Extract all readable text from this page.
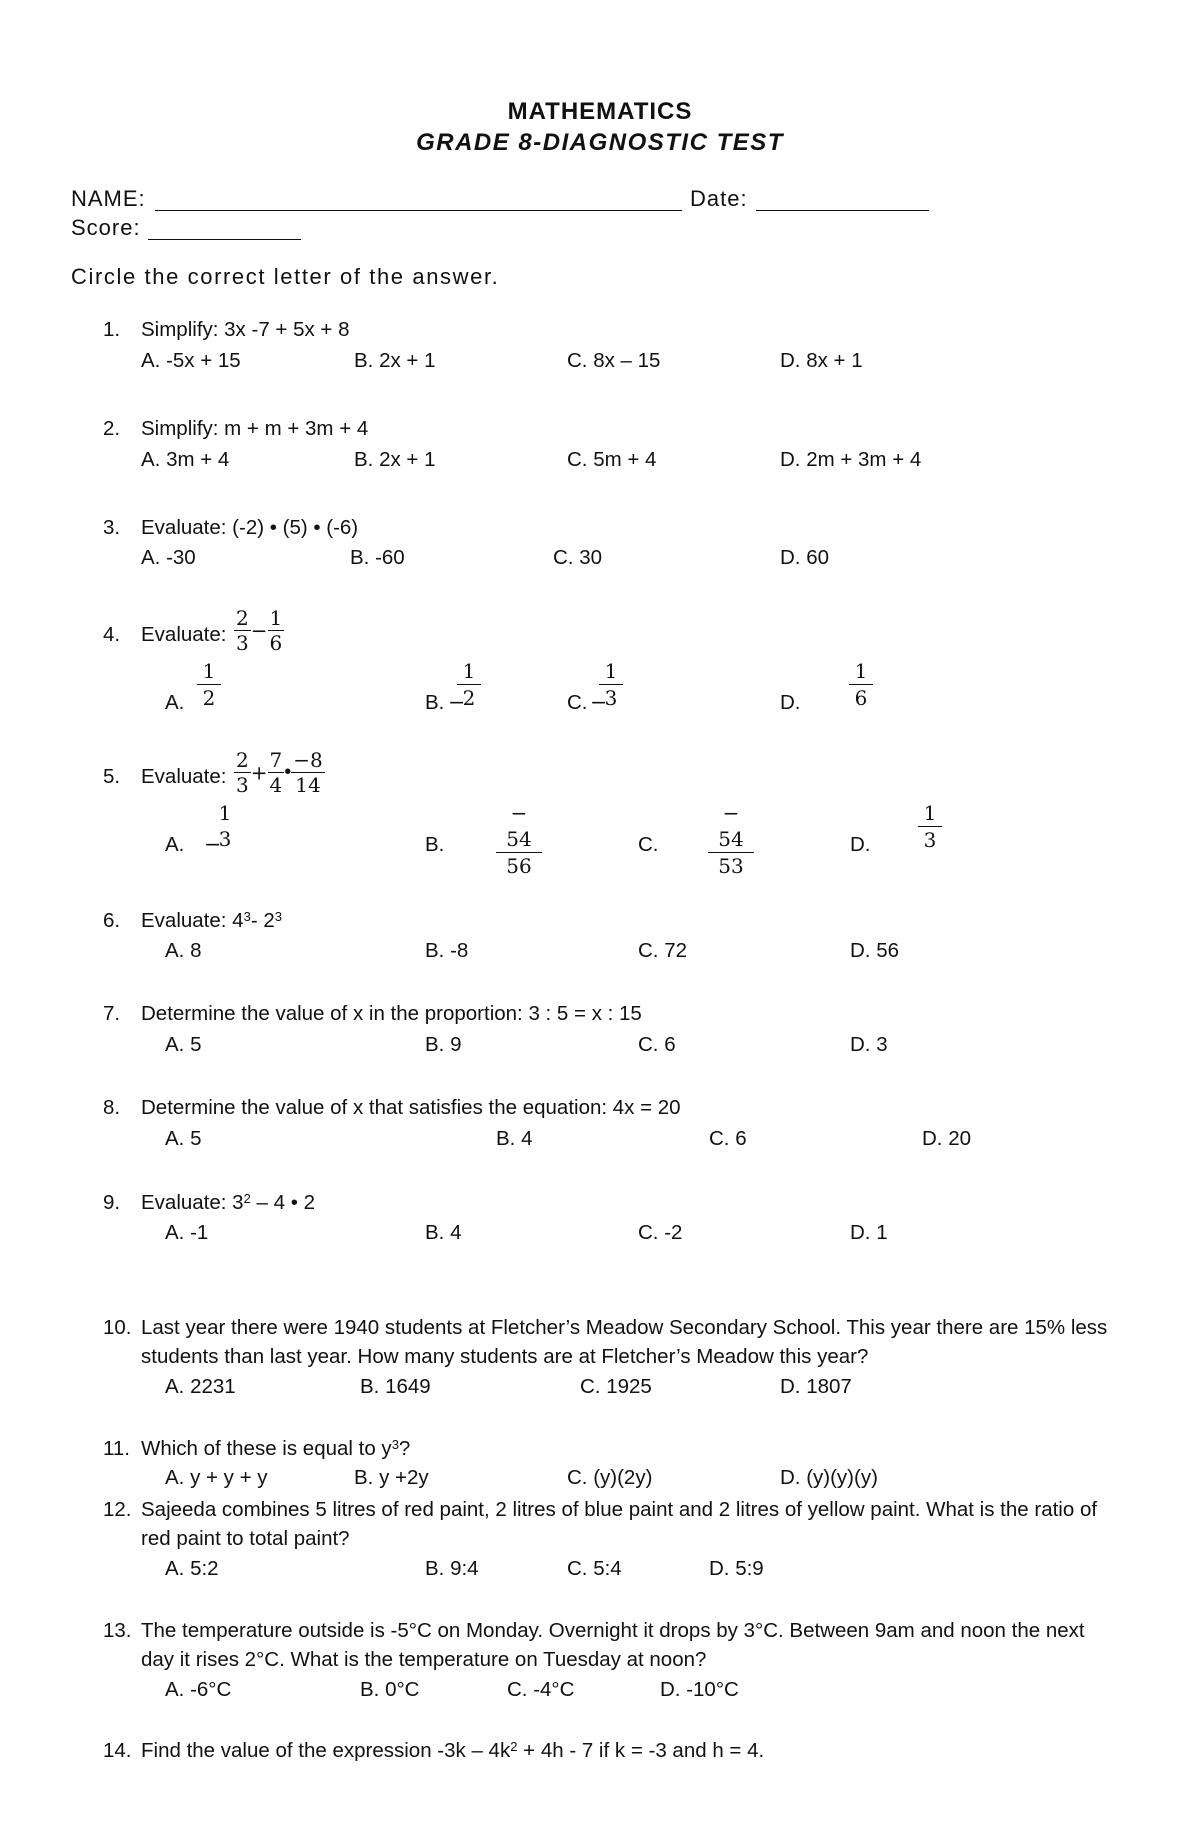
MATHEMATICS
GRADE 8-DIAGNOSTIC TEST
NAME:	Date:
Score:
Circle the correct letter of the answer.
1. Simplify: 3x -7 + 5x + 8
A. -5x + 15	B. 2x + 1	C. 8x – 15	D. 8x + 1
2. Simplify: m + m + 3m + 4
A. 3m + 4	B. 2x + 1	C. 5m + 4	D. 2m + 3m + 4
3. Evaluate: (-2) • (5) • (-6)
A. -30	B. -60	C. 30	D. 60
4. Evaluate: $\frac{2}{3} - \frac{1}{6}$
A.
1
2	B. −
1
2	C. −
1
3	D.
1
6
5. Evaluate: $\frac{2}{3} + \frac{7}{4}$ • $\frac{-8}{14}$
A. −
1
3	B.
− 54
56
C.
− 54
53
D.
1
3
6. Evaluate: $4^3-$ $2^3$
A. 8	B. -8	C. 72	D. 56
7. Determine the value of x in the proportion: 3 : 5 = x : 15
A. 5	B. 9	C. 6	D. 3
8. Determine the value of x that satisfies the equation: 4x = 20
A. 5	B. 4	C. 6	D. 20
9. Evaluate: $3^2 - 4$ • 2
A. -1	B. 4	C. -2	D. 1
10. Last year there were 1940 students at Fletcher’s Meadow Secondary School. This year there are 15% less students than last year. How many students are at Fletcher’s Meadow this year?
A. 2231	B. 1649	C. 1925	D. 1807
11. Which of these is equal to $y^3$?
A. y + y + y	B. y +2y	C. (y)(2y)	D. (y)(y)(y)
12. Sajeeda combines 5 litres of red paint, 2 litres of blue paint and 2 litres of yellow paint. What is the ratio of red paint to total paint?
A. 5:2	B. 9:4	C. 5:4	D. 5:9
13. The temperature outside is -5°C on Monday. Overnight it drops by 3°C. Between 9am and noon the next day it rises 2°C. What is the temperature on Tuesday at noon?
A. -6°C	B. 0°C	C. -4°C	D. -10°C
14. Find the value of the expression $-3k - 4k^2 + 4h - 7$ if k = -3 and h = 4.
